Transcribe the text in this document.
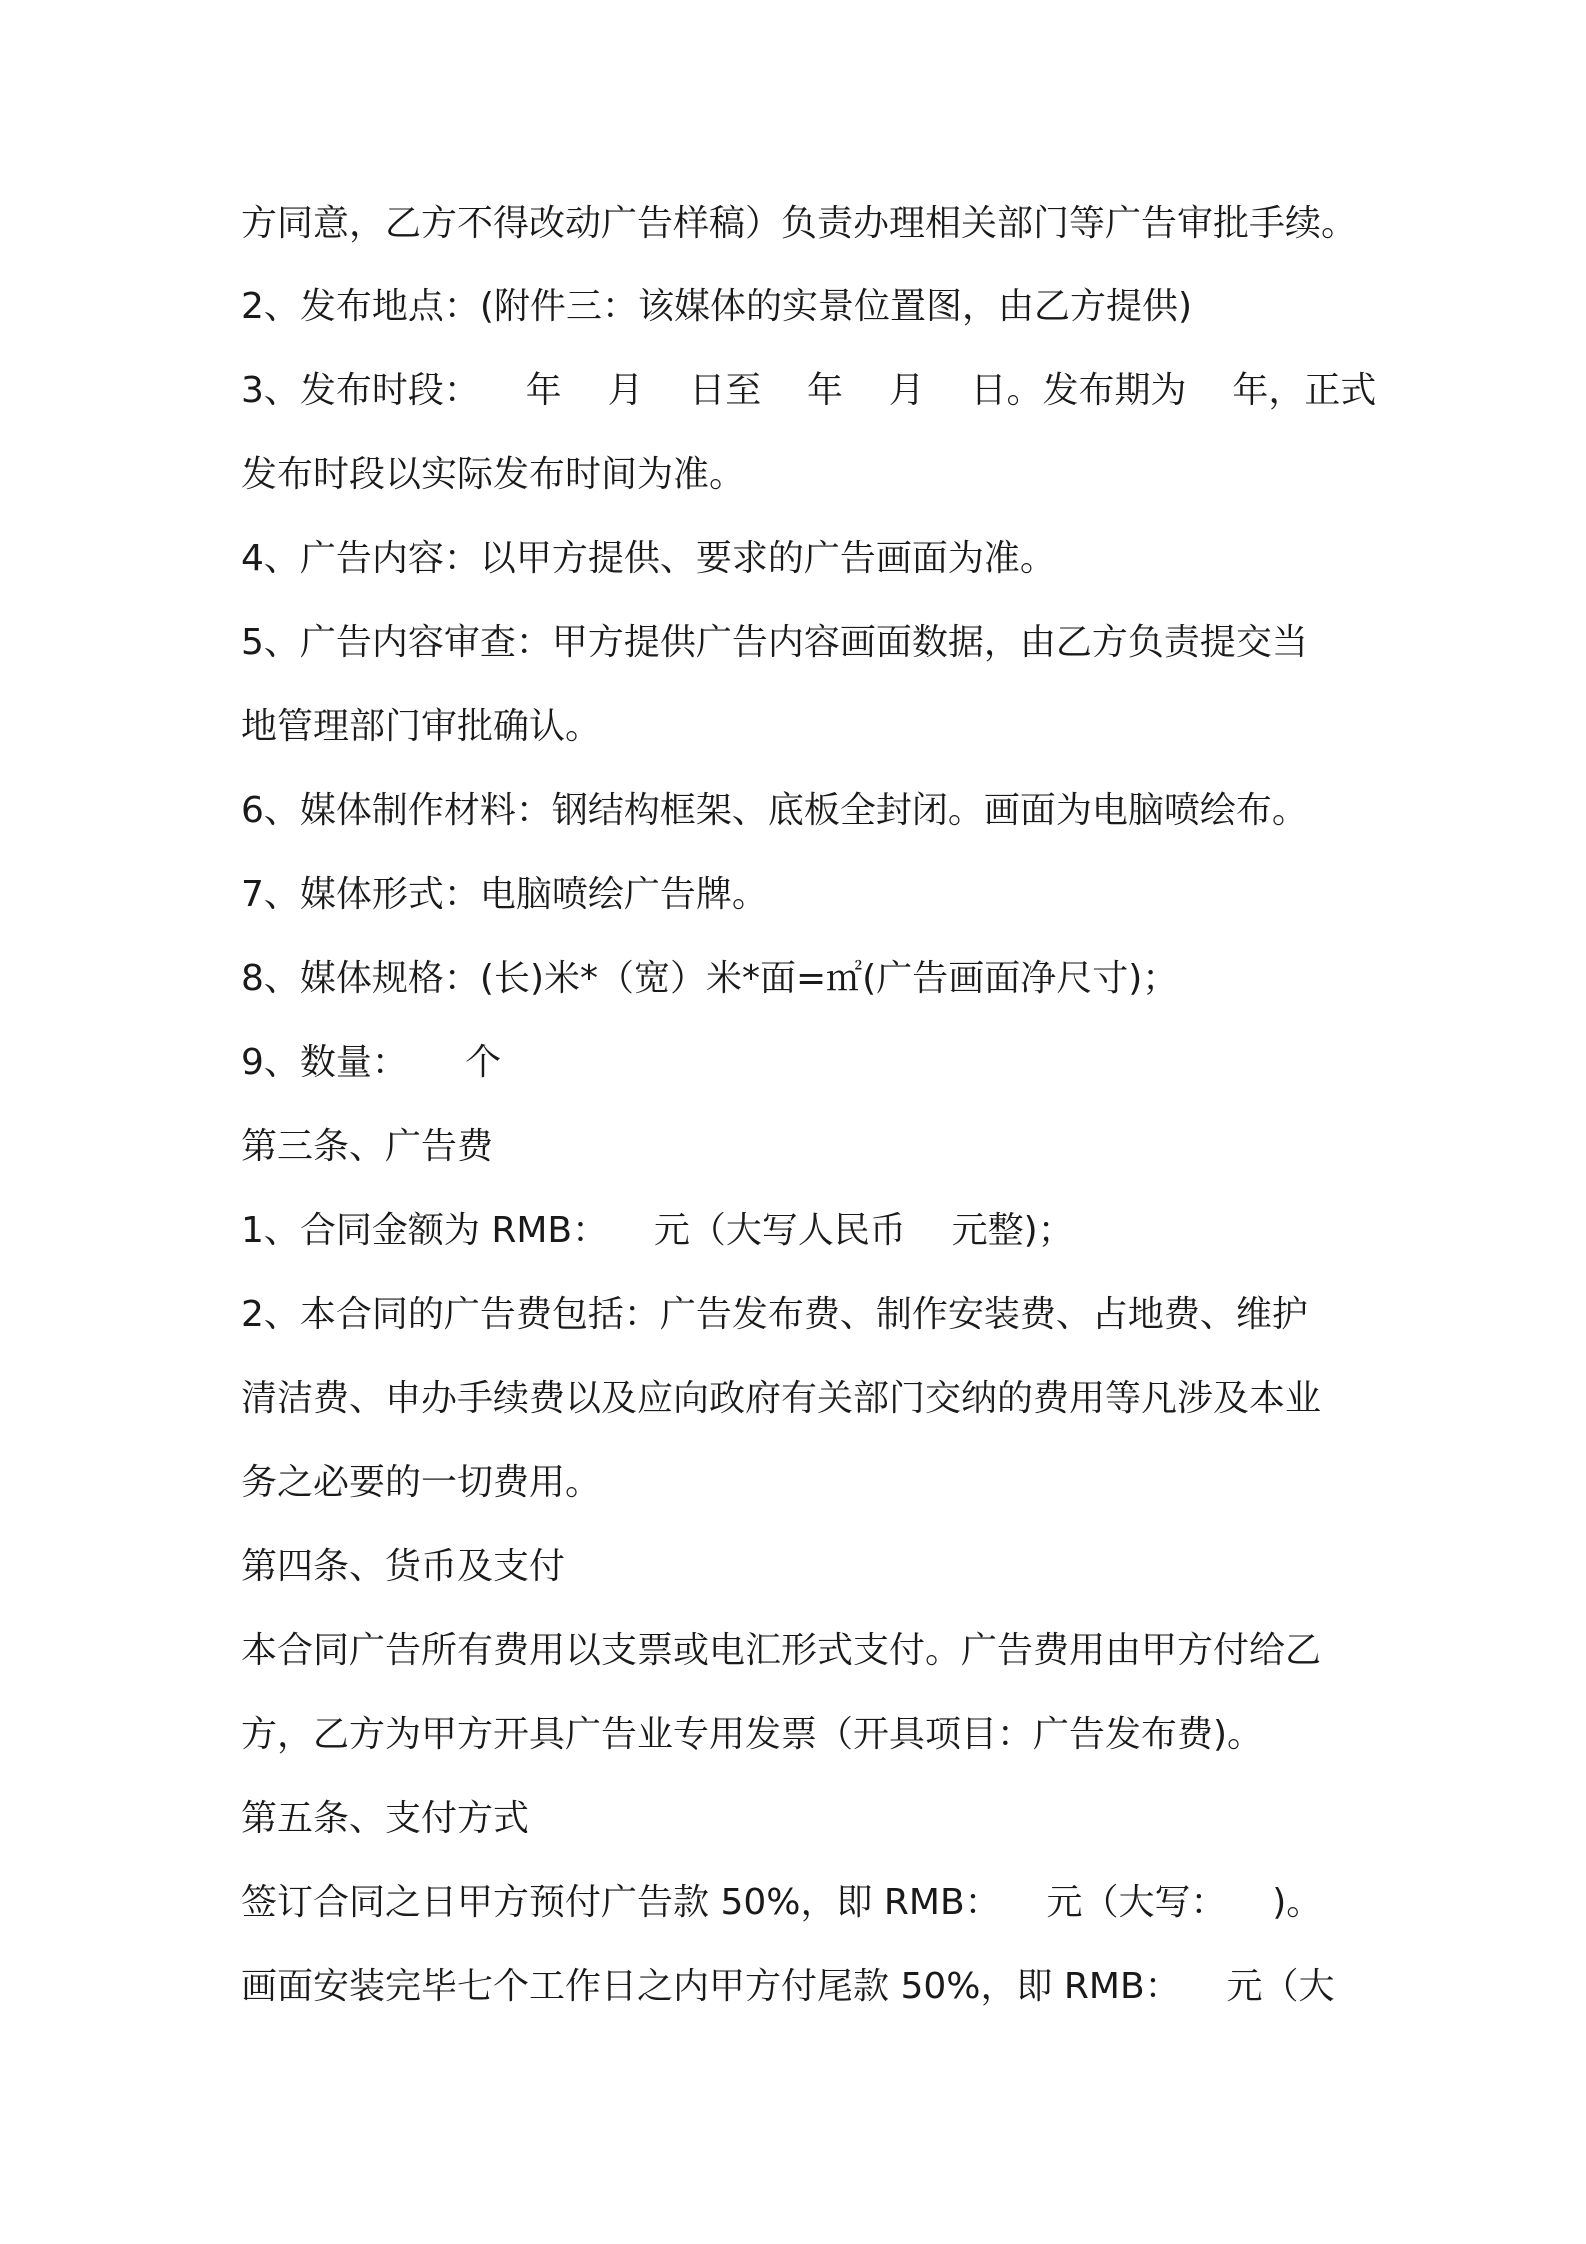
方同意，乙方不得改动广告样稿）负责办理相关部门等广告审批手续。

2、发布地点：(附件三：该媒体的实景位置图，由乙方提供)

3、发布时段：    年    月    日至    年    月    日。发布期为    年，正式

发布时段以实际发布时间为准。

4、广告内容：以甲方提供、要求的广告画面为准。

5、广告内容审查：甲方提供广告内容画面数据，由乙方负责提交当

地管理部门审批确认。

6、媒体制作材料：钢结构框架、底板全封闭。画面为电脑喷绘布。

7、媒体形式：电脑喷绘广告牌。

8、媒体规格：(长)米*（宽）米*面=㎡(广告画面净尺寸)；

9、数量：     个

第三条、广告费

1、合同金额为 RMB：    元（大写人民币    元整)；

2、本合同的广告费包括：广告发布费、制作安装费、占地费、维护

清洁费、申办手续费以及应向政府有关部门交纳的费用等凡涉及本业

务之必要的一切费用。

第四条、货币及支付

本合同广告所有费用以支票或电汇形式支付。广告费用由甲方付给乙

方，乙方为甲方开具广告业专用发票（开具项目：广告发布费)。

第五条、支付方式

签订合同之日甲方预付广告款 50%，即 RMB：    元（大写：    )。

画面安装完毕七个工作日之内甲方付尾款 50%，即 RMB：    元（大
